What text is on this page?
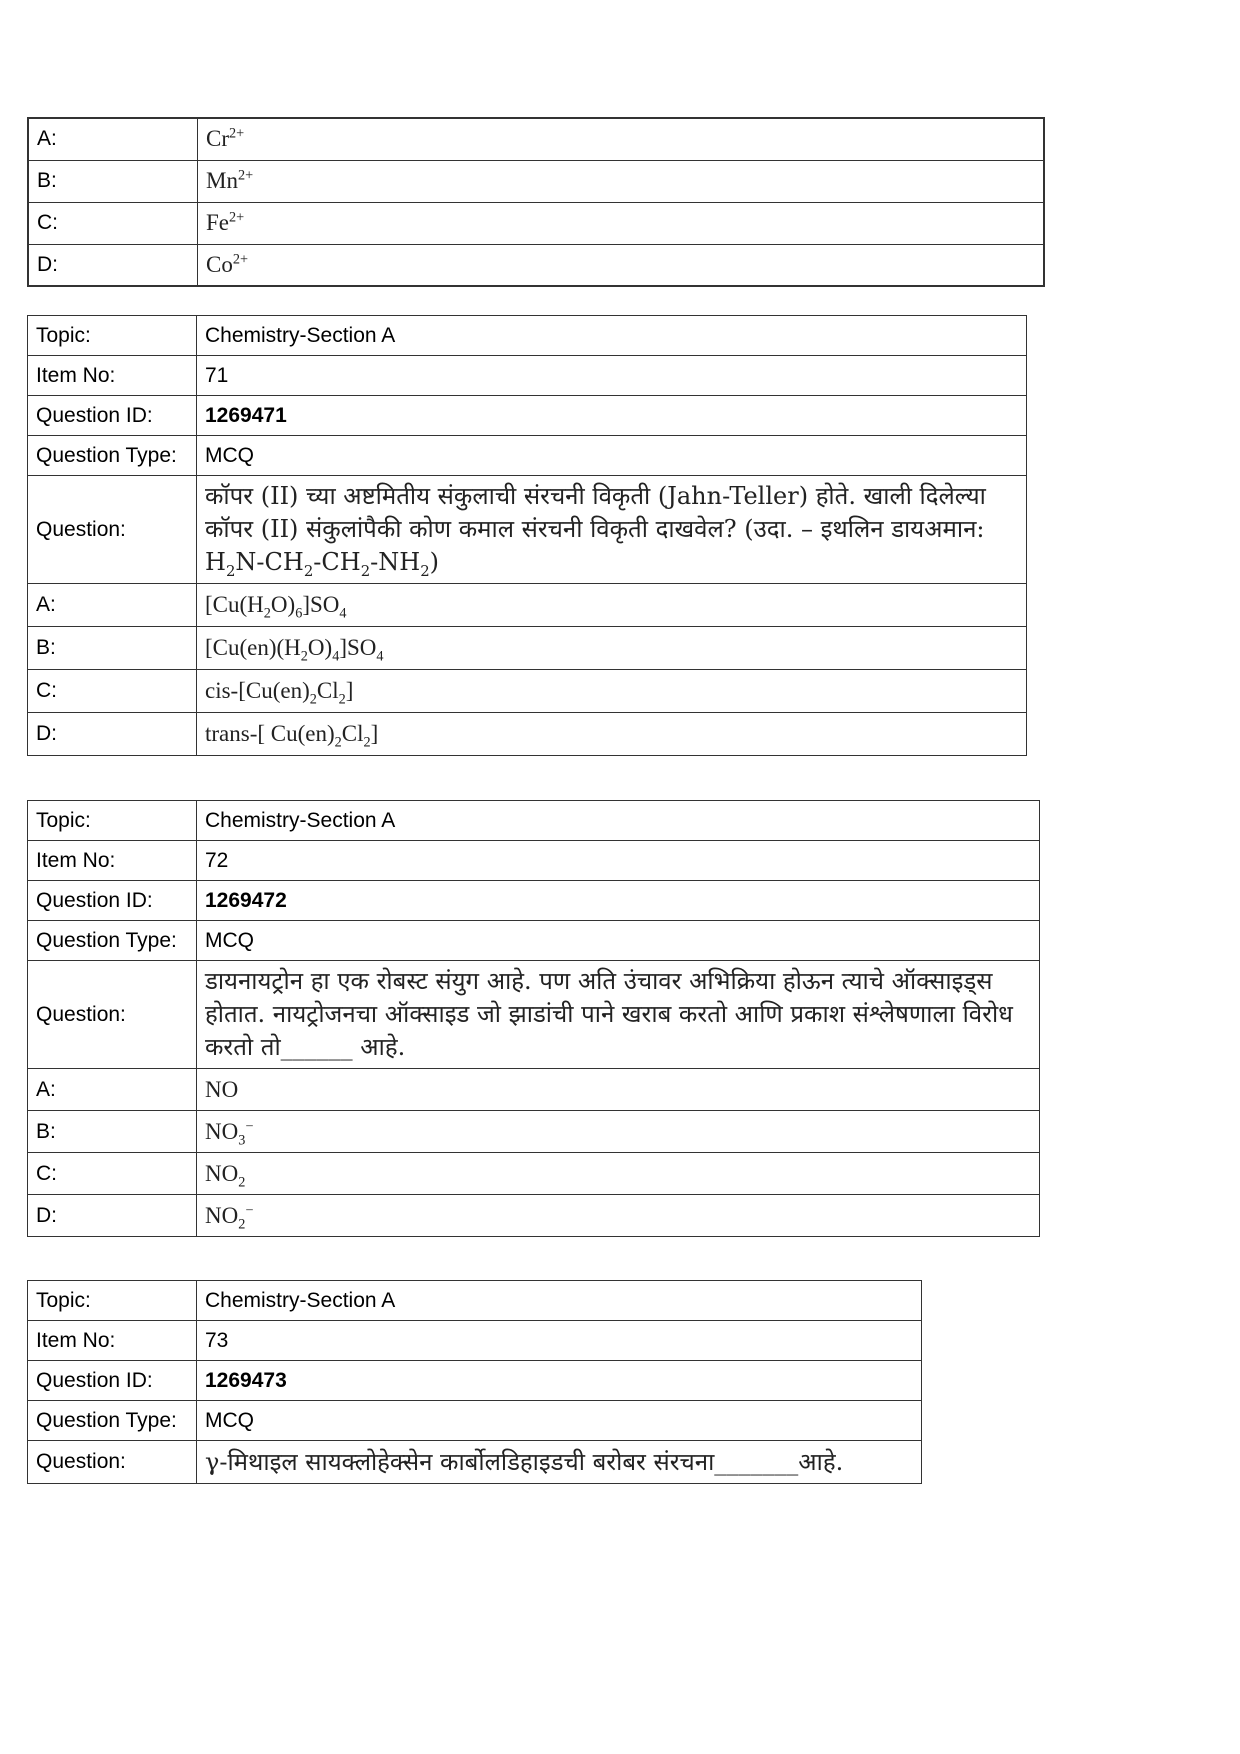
A:	$Cr^{2+}$
B:	$Mn^{2+}$
C:	$Fe^{2+}$
D:	$Co^{2+}$
Topic:	Chemistry-Section A
Item No:	71
Question ID:	1269471
Question Type:	MCQ
Question:	कॉपर (II) च्या अष्टमितीय संकुलाची संरचनी विकृती (Jahn-Teller) होते. खाली दिलेल्या कॉपर (II) संकुलांपैकी कोण कमाल संरचनी विकृती दाखवेल? (उदा. – इथलिन डायअमान: $H_2N-CH_2-CH_2-NH_2$)
A:	$[Cu(H_2O)_6]SO_4$
B:	$[Cu(en)(H_2O)_4]SO_4$
C:	cis-$[Cu(en)_2Cl_2]$
D:	trans-[ $Cu(en)_2Cl_2$]
Topic:	Chemistry-Section A
Item No:	72
Question ID:	1269472
Question Type:	MCQ
Question:	डायनायट्रोन हा एक रोबस्ट संयुग आहे. पण अति उंचावर अभिक्रिया होऊन त्याचे ऑक्साइड्स होतात. नायट्रोजनचा ऑक्साइड जो झाडांची पाने खराब करतो आणि प्रकाश संश्लेषणाला विरोध करतो तो______ आहे.
A:	NO
B:	$NO_3^-$
C:	$NO_2$
D:	$NO_2^-$
Topic:	Chemistry-Section A
Item No:	73
Question ID:	1269473
Question Type:	MCQ
Question:	γ-मिथाइल सायक्लोहेक्सेन कार्बोलडिहाइडची बरोबर संरचना_______आहे.
